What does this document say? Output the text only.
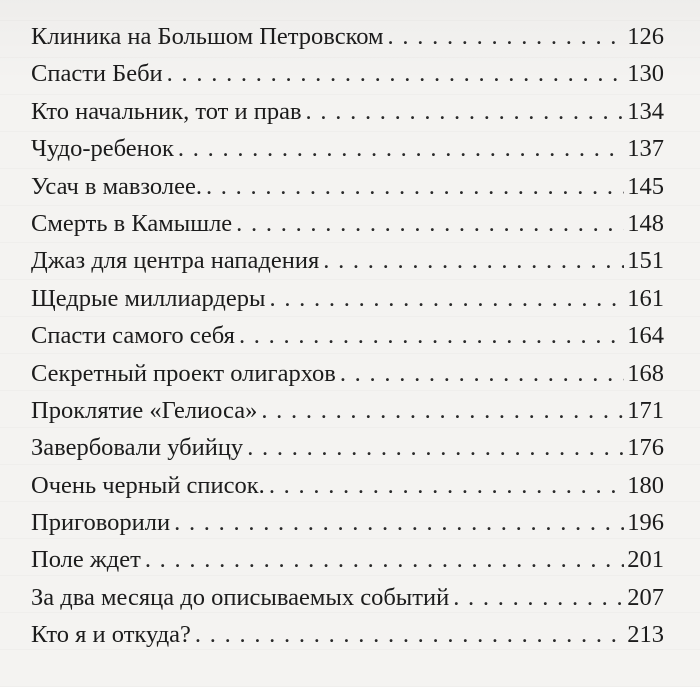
Клиника на Большом Петровском . . .	126
Спасти Беби . . .	130
Кто начальник, тот и прав . . .	134
Чудо-ребенок . . .	137
Усач в мавзолее. . . .	145
Смерть в Камышле . . .	148
Джаз для центра нападения . . .	151
Щедрые миллиардеры . . .	161
Спасти самого себя . . .	164
Секретный проект олигархов . . .	168
Проклятие «Гелиоса» . . .	171
Завербовали убийцу . . .	176
Очень черный список. . . .	180
Приговорили . . .	196
Поле ждет . . .	201
За два месяца до описываемых событий . . .	207
Кто я и откуда? . . .	213
